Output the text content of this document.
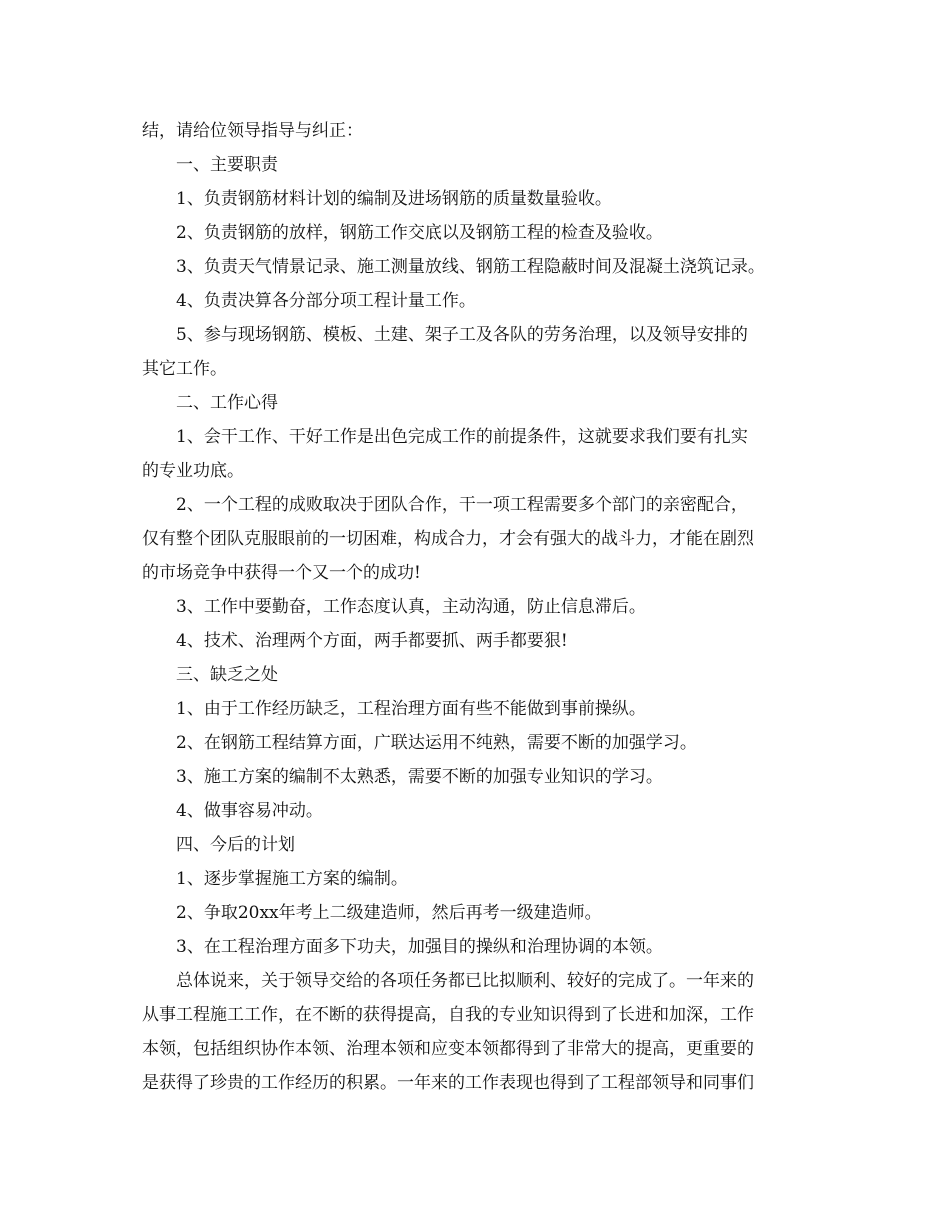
结，请给位领导指导与纠正：
一、主要职责
1、负责钢筋材料计划的编制及进场钢筋的质量数量验收。
2、负责钢筋的放样，钢筋工作交底以及钢筋工程的检查及验收。
3、负责天气情景记录、施工测量放线、钢筋工程隐蔽时间及混凝土浇筑记录。
4、负责决算各分部分项工程计量工作。
5、参与现场钢筋、模板、土建、架子工及各队的劳务治理，以及领导安排的
其它工作。
二、工作心得
1、会干工作、干好工作是出色完成工作的前提条件，这就要求我们要有扎实
的专业功底。
2、一个工程的成败取决于团队合作，干一项工程需要多个部门的亲密配合，
仅有整个团队克服眼前的一切困难，构成合力，才会有强大的战斗力，才能在剧烈
的市场竞争中获得一个又一个的成功!
3、工作中要勤奋，工作态度认真，主动沟通，防止信息滞后。
4、技术、治理两个方面，两手都要抓、两手都要狠!
三、缺乏之处
1、由于工作经历缺乏，工程治理方面有些不能做到事前操纵。
2、在钢筋工程结算方面，广联达运用不纯熟，需要不断的加强学习。
3、施工方案的编制不太熟悉，需要不断的加强专业知识的学习。
4、做事容易冲动。
四、今后的计划
1、逐步掌握施工方案的编制。
2、争取20xx年考上二级建造师，然后再考一级建造师。
3、在工程治理方面多下功夫，加强目的操纵和治理协调的本领。
总体说来，关于领导交给的各项任务都已比拟顺利、较好的完成了。一年来的
从事工程施工工作，在不断的获得提高，自我的专业知识得到了长进和加深，工作
本领，包括组织协作本领、治理本领和应变本领都得到了非常大的提高，更重要的
是获得了珍贵的工作经历的积累。一年来的工作表现也得到了工程部领导和同事们
